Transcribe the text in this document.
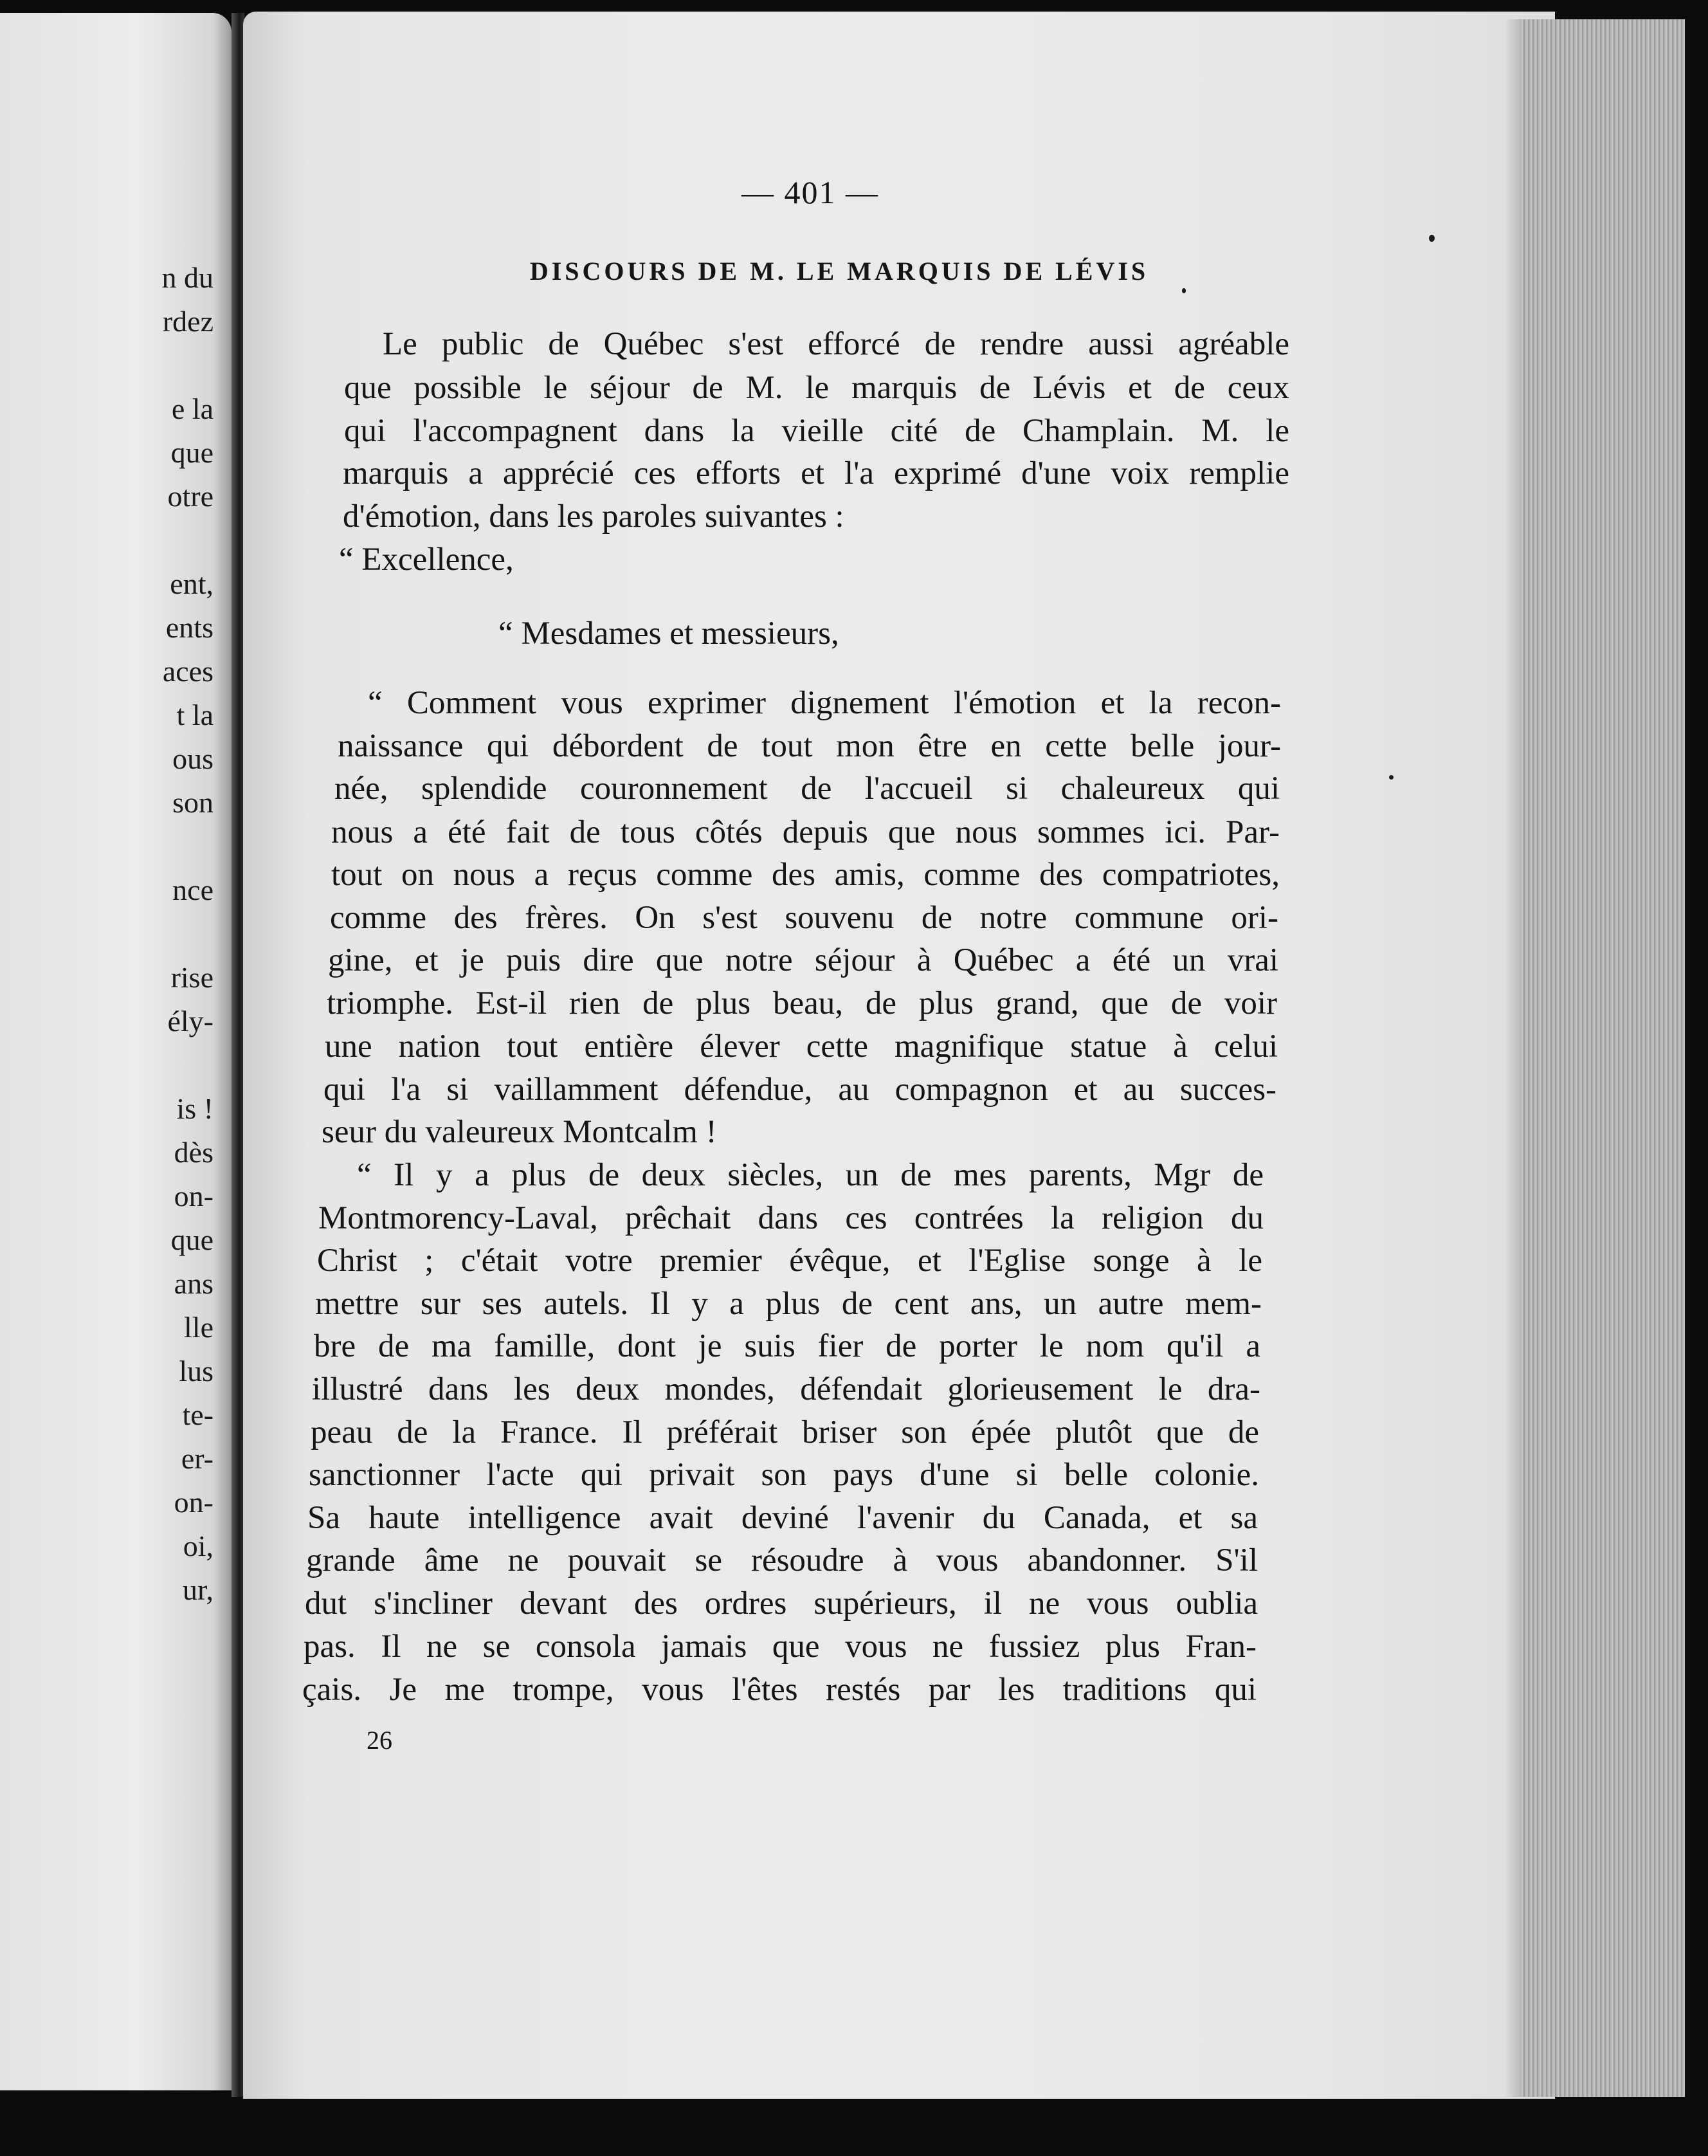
n du
rdez
e la
que
otre
ent,
ents
aces
t la
ous
son
nce
rise
ély-
is !
dès
on-
que
ans
lle
lus
te-
er-
on-
oi,
ur,

— 401 —

DISCOURS DE M. LE MARQUIS DE LÉVIS

Le public de Québec s'est efforcé de rendre aussi agréable

que possible le séjour de M. le marquis de Lévis et de ceux

qui l'accompagnent dans la vieille cité de Champlain. M. le

marquis a apprécié ces efforts et l'a exprimé d'une voix remplie

d'émotion, dans les paroles suivantes :

“ Excellence,

“ Mesdames et messieurs,

“ Comment vous exprimer dignement l'émotion et la recon-

naissance qui débordent de tout mon être en cette belle jour-

née, splendide couronnement de l'accueil si chaleureux qui

nous a été fait de tous côtés depuis que nous sommes ici. Par-

tout on nous a reçus comme des amis, comme des compatriotes,

comme des frères. On s'est souvenu de notre commune ori-

gine, et je puis dire que notre séjour à Québec a été un vrai

triomphe. Est-il rien de plus beau, de plus grand, que de voir

une nation tout entière élever cette magnifique statue à celui

qui l'a si vaillamment défendue, au compagnon et au succes-

seur du valeureux Montcalm !

“ Il y a plus de deux siècles, un de mes parents, Mgr de

Montmorency-Laval, prêchait dans ces contrées la religion du

Christ ; c'était votre premier évêque, et l'Eglise songe à le

mettre sur ses autels. Il y a plus de cent ans, un autre mem-

bre de ma famille, dont je suis fier de porter le nom qu'il a

illustré dans les deux mondes, défendait glorieusement le dra-

peau de la France. Il préférait briser son épée plutôt que de

sanctionner l'acte qui privait son pays d'une si belle colonie.

Sa haute intelligence avait deviné l'avenir du Canada, et sa

grande âme ne pouvait se résoudre à vous abandonner. S'il

dut s'incliner devant des ordres supérieurs, il ne vous oublia

pas. Il ne se consola jamais que vous ne fussiez plus Fran-

çais. Je me trompe, vous l'êtes restés par les traditions qui

26
